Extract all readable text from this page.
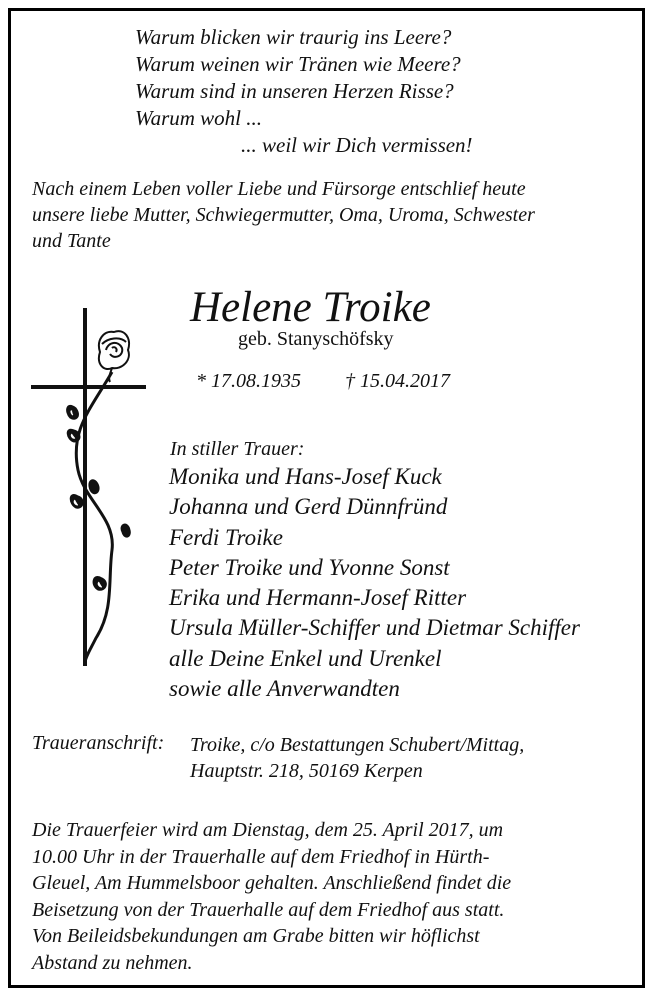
Warum blicken wir traurig ins Leere?
Warum weinen wir Tränen wie Meere?
Warum sind in unseren Herzen Risse?
Warum wohl ...
... weil wir Dich vermissen!
Nach einem Leben voller Liebe und Fürsorge entschlief heute
unsere liebe Mutter, Schwiegermutter, Oma, Uroma, Schwester
und Tante
Helene Troike
geb. Stanyschöfsky
* 17.08.1935 † 15.04.2017
In stiller Trauer:
Monika und Hans-Josef Kuck
Johanna und Gerd Dünnfründ
Ferdi Troike
Peter Troike und Yvonne Sonst
Erika und Hermann-Josef Ritter
Ursula Müller-Schiffer und Dietmar Schiffer
alle Deine Enkel und Urenkel
sowie alle Anverwandten
Traueranschrift: Troike, c/o Bestattungen Schubert/Mittag,
Hauptstr. 218, 50169 Kerpen
Die Trauerfeier wird am Dienstag, dem 25. April 2017, um
10.00 Uhr in der Trauerhalle auf dem Friedhof in Hürth-
Gleuel, Am Hummelsboor gehalten. Anschließend findet die
Beisetzung von der Trauerhalle auf dem Friedhof aus statt.
Von Beileidsbekundungen am Grabe bitten wir höflichst
Abstand zu nehmen.
